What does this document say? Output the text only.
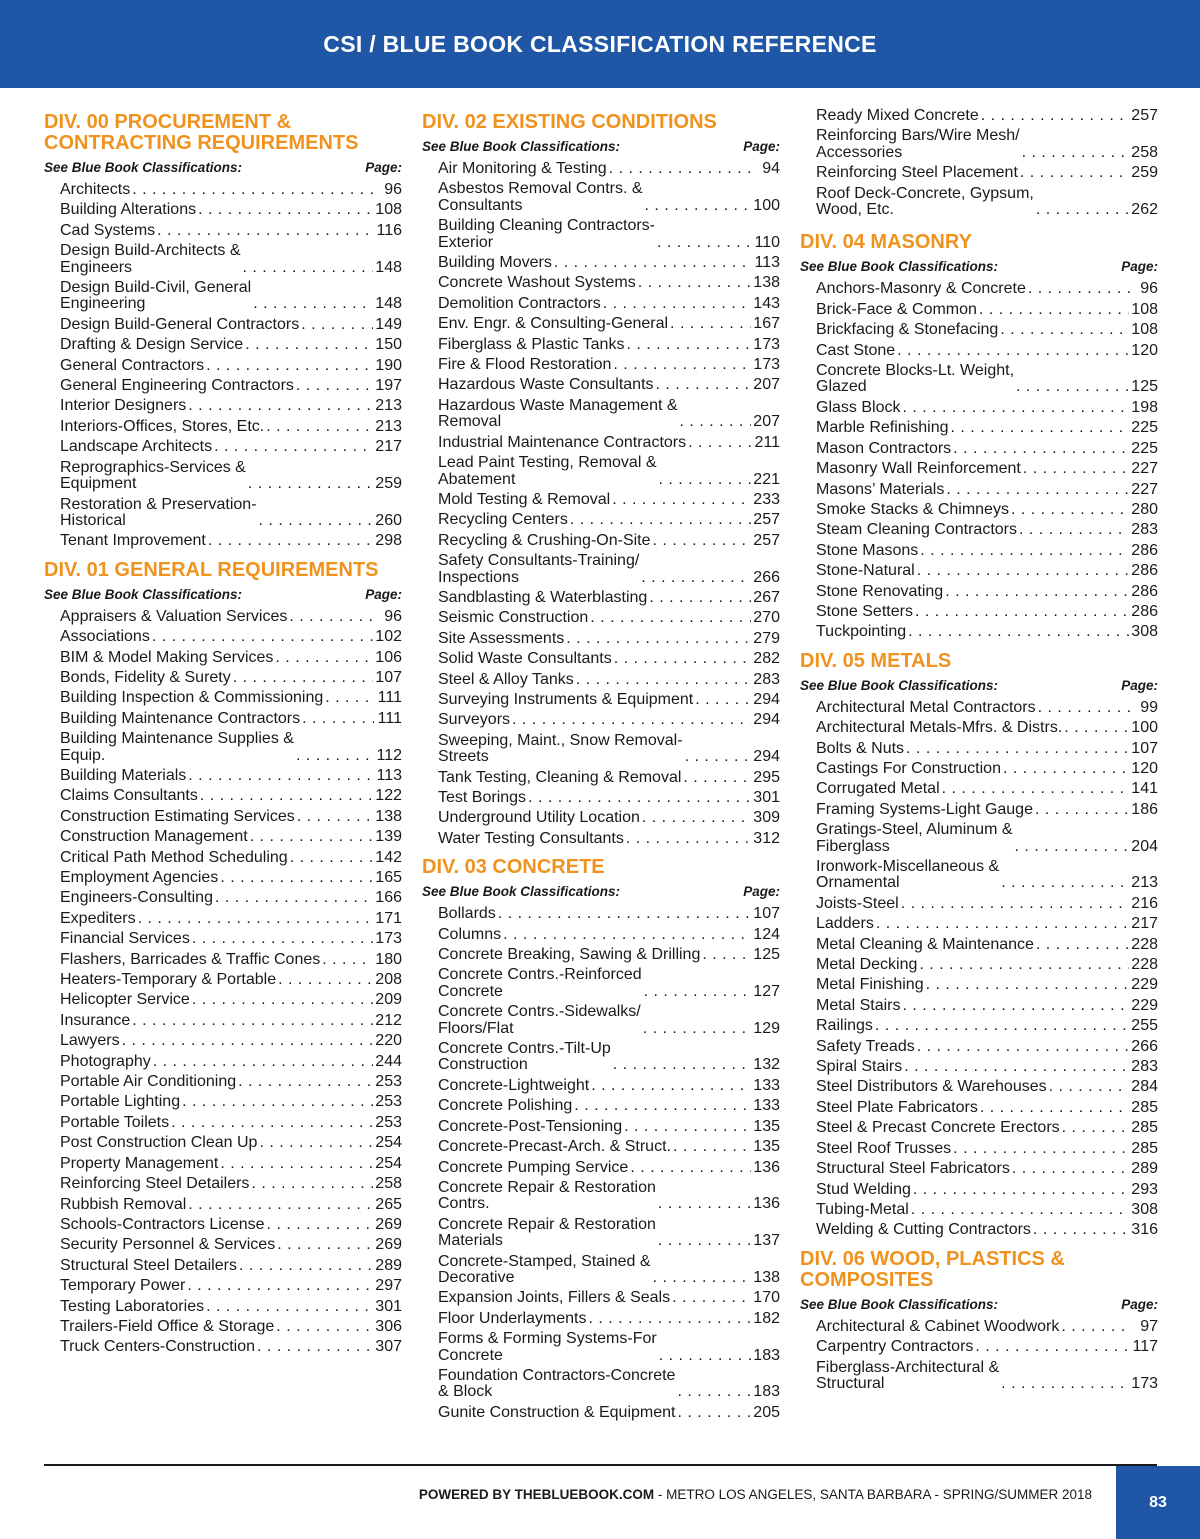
CSI / BLUE BOOK CLASSIFICATION REFERENCE
DIV. 00 PROCUREMENT & CONTRACTING REQUIREMENTS
See Blue Book Classifications:	Page:
Architects . . .	96
Building Alterations . . .	108
Cad Systems . . .	116
Design Build-Architects &
Engineers . . .	148
Design Build-Civil, General
Engineering . . .	148
Design Build-General Contractors . . .	149
Drafting & Design Service . . .	150
General Contractors . . .	190
General Engineering Contractors . . .	197
Interior Designers . . .	213
Interiors-Offices, Stores, Etc. . . .	213
Landscape Architects . . .	217
Reprographics-Services &
Equipment . . .	259
Restoration & Preservation-
Historical . . .	260
Tenant Improvement . . .	298
DIV. 01 GENERAL REQUIREMENTS
See Blue Book Classifications:	Page:
Appraisers & Valuation Services . . .	96
Associations . . .	102
BIM & Model Making Services . . .	106
Bonds, Fidelity & Surety . . .	107
Building Inspection & Commissioning . . .	111
Building Maintenance Contractors . . .	111
Building Maintenance Supplies &
Equip. . . .	112
Building Materials . . .	113
Claims Consultants . . .	122
Construction Estimating Services . . .	138
Construction Management . . .	139
Critical Path Method Scheduling . . .	142
Employment Agencies . . .	165
Engineers-Consulting . . .	166
Expediters . . .	171
Financial Services . . .	173
Flashers, Barricades & Traffic Cones . . .	180
Heaters-Temporary & Portable . . .	208
Helicopter Service . . .	209
Insurance . . .	212
Lawyers . . .	220
Photography . . .	244
Portable Air Conditioning . . .	253
Portable Lighting . . .	253
Portable Toilets . . .	253
Post Construction Clean Up . . .	254
Property Management . . .	254
Reinforcing Steel Detailers . . .	258
Rubbish Removal . . .	265
Schools-Contractors License . . .	269
Security Personnel & Services . . .	269
Structural Steel Detailers . . .	289
Temporary Power . . .	297
Testing Laboratories . . .	301
Trailers-Field Office & Storage . . .	306
Truck Centers-Construction . . .	307
DIV. 02 EXISTING CONDITIONS
See Blue Book Classifications:	Page:
Air Monitoring & Testing . . .	94
Asbestos Removal Contrs. &
Consultants . . .	100
Building Cleaning Contractors-
Exterior . . .	110
Building Movers . . .	113
Concrete Washout Systems . . .	138
Demolition Contractors . . .	143
Env. Engr. & Consulting-General . . .	167
Fiberglass & Plastic Tanks . . .	173
Fire & Flood Restoration . . .	173
Hazardous Waste Consultants . . .	207
Hazardous Waste Management &
Removal . . .	207
Industrial Maintenance Contractors . . .	211
Lead Paint Testing, Removal &
Abatement . . .	221
Mold Testing & Removal . . .	233
Recycling Centers . . .	257
Recycling & Crushing-On-Site . . .	257
Safety Consultants-Training/
Inspections . . .	266
Sandblasting & Waterblasting . . .	267
Seismic Construction . . .	270
Site Assessments . . .	279
Solid Waste Consultants . . .	282
Steel & Alloy Tanks . . .	283
Surveying Instruments & Equipment . . .	294
Surveyors . . .	294
Sweeping, Maint., Snow Removal-
Streets . . .	294
Tank Testing, Cleaning & Removal . . .	295
Test Borings . . .	301
Underground Utility Location . . .	309
Water Testing Consultants . . .	312
DIV. 03 CONCRETE
See Blue Book Classifications:	Page:
Bollards . . .	107
Columns . . .	124
Concrete Breaking, Sawing & Drilling . . .	125
Concrete Contrs.-Reinforced
Concrete . . .	127
Concrete Contrs.-Sidewalks/
Floors/Flat . . .	129
Concrete Contrs.-Tilt-Up
Construction . . .	132
Concrete-Lightweight . . .	133
Concrete Polishing . . .	133
Concrete-Post-Tensioning . . .	135
Concrete-Precast-Arch. & Struct. . . .	135
Concrete Pumping Service . . .	136
Concrete Repair & Restoration
Contrs. . . .	136
Concrete Repair & Restoration
Materials . . .	137
Concrete-Stamped, Stained &
Decorative . . .	138
Expansion Joints, Fillers & Seals . . .	170
Floor Underlayments . . .	182
Forms & Forming Systems-For
Concrete . . .	183
Foundation Contractors-Concrete
& Block . . .	183
Gunite Construction & Equipment . . .	205
Ready Mixed Concrete . . .	257
Reinforcing Bars/Wire Mesh/
Accessories . . .	258
Reinforcing Steel Placement . . .	259
Roof Deck-Concrete, Gypsum,
Wood, Etc. . . .	262
DIV. 04 MASONRY
See Blue Book Classifications:	Page:
Anchors-Masonry & Concrete . . .	96
Brick-Face & Common . . .	108
Brickfacing & Stonefacing . . .	108
Cast Stone . . .	120
Concrete Blocks-Lt. Weight,
Glazed . . .	125
Glass Block . . .	198
Marble Refinishing . . .	225
Mason Contractors . . .	225
Masonry Wall Reinforcement . . .	227
Masons’ Materials . . .	227
Smoke Stacks & Chimneys . . .	280
Steam Cleaning Contractors . . .	283
Stone Masons . . .	286
Stone-Natural . . .	286
Stone Renovating . . .	286
Stone Setters . . .	286
Tuckpointing . . .	308
DIV. 05 METALS
See Blue Book Classifications:	Page:
Architectural Metal Contractors . . .	99
Architectural Metals-Mfrs. & Distrs. . . .	100
Bolts & Nuts . . .	107
Castings For Construction . . .	120
Corrugated Metal . . .	141
Framing Systems-Light Gauge . . .	186
Gratings-Steel, Aluminum &
Fiberglass . . .	204
Ironwork-Miscellaneous &
Ornamental . . .	213
Joists-Steel . . .	216
Ladders . . .	217
Metal Cleaning & Maintenance . . .	228
Metal Decking . . .	228
Metal Finishing . . .	229
Metal Stairs . . .	229
Railings . . .	255
Safety Treads . . .	266
Spiral Stairs . . .	283
Steel Distributors & Warehouses . . .	284
Steel Plate Fabricators . . .	285
Steel & Precast Concrete Erectors . . .	285
Steel Roof Trusses . . .	285
Structural Steel Fabricators . . .	289
Stud Welding . . .	293
Tubing-Metal . . .	308
Welding & Cutting Contractors . . .	316
DIV. 06 WOOD, PLASTICS & COMPOSITES
See Blue Book Classifications:	Page:
Architectural & Cabinet Woodwork . . .	97
Carpentry Contractors . . .	117
Fiberglass-Architectural &
Structural . . .	173
POWERED BY THEBLUEBOOK.COM - METRO LOS ANGELES, SANTA BARBARA - SPRING/SUMMER 2018	83
